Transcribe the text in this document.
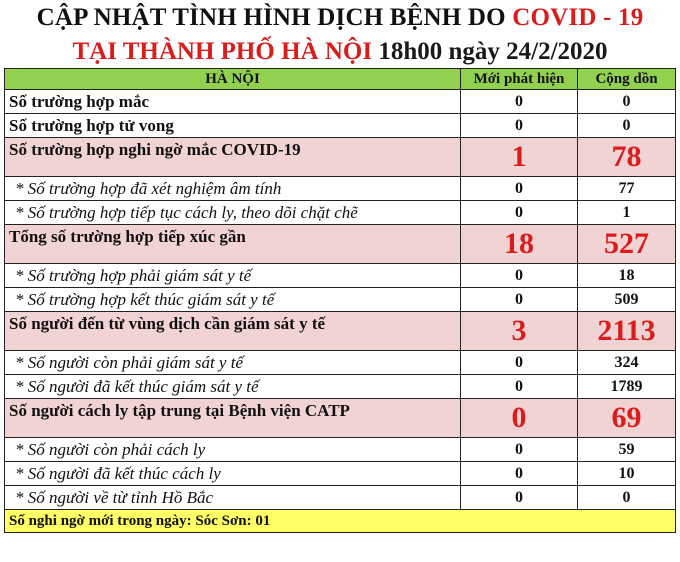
CẬP NHẬT TÌNH HÌNH DỊCH BỆNH DO COVID - 19
TẠI THÀNH PHỐ HÀ NỘI 18h00 ngày 24/2/2020
HÀ NỘI	Mới phát hiện	Cộng dồn
Số trường hợp mắc	0	0
Số trường hợp tử vong	0	0
Số trường hợp nghi ngờ mắc COVID-19	1	78
* Số trường hợp đã xét nghiệm âm tính	0	77
* Số trường hợp tiếp tục cách ly, theo dõi chặt chẽ	0	1
Tổng số trường hợp tiếp xúc gần	18	527
* Số trường hợp phải giám sát y tế	0	18
* Số trường hợp kết thúc giám sát y tế	0	509
Số người đến từ vùng dịch cần giám sát y tế	3	2113
* Số người còn phải giám sát y tế	0	324
* Số người đã kết thúc giám sát y tế	0	1789
Số người cách ly tập trung tại Bệnh viện CATP	0	69
* Số người còn phải cách ly	0	59
* Số người đã kết thúc cách ly	0	10
* Số người về từ tỉnh Hồ Bắc	0	0
Số nghi ngờ mới trong ngày: Sóc Sơn: 01		
